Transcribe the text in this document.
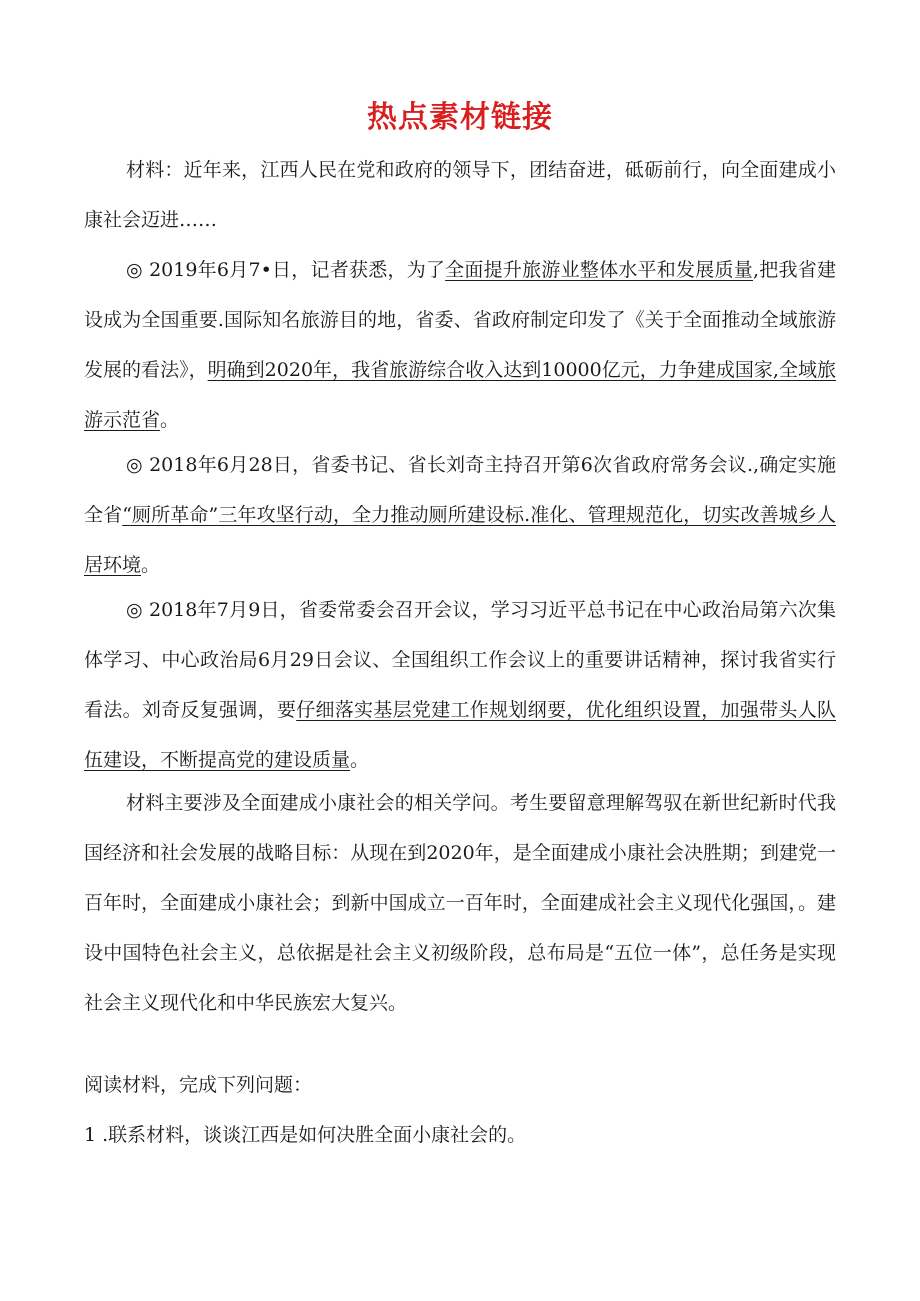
热点素材链接

材料：近年来，江西人民在党和政府的领导下，团结奋进，砥砺前行，向全面建成小康社会迈进……

◎ 2019年6月7•日，记者获悉，为了全面提升旅游业整体水平和发展质量,把我省建设成为全国重要.国际知名旅游目的地，省委、省政府制定印发了《关于全面推动全域旅游发展的看法》，明确到2020年，我省旅游综合收入达到10000亿元，力争建成国家,全域旅游示范省。

◎ 2018年6月28日，省委书记、省长刘奇主持召开第6次省政府常务会议.,确定实施全省“厕所革命”三年攻坚行动，全力推动厕所建设标.准化、管理规范化，切实改善城乡人居环境。

◎ 2018年7月9日，省委常委会召开会议，学习习近平总书记在中心政治局第六次集体学习、中心政治局6月29日会议、全国组织工作会议上的重要讲话精神，探讨我省实行看法。刘奇反复强调，要仔细落实基层党建工作规划纲要，优化组织设置，加强带头人队伍建设，不断提高党的建设质量。

材料主要涉及全面建成小康社会的相关学问。考生要留意理解驾驭在新世纪新时代我国经济和社会发展的战略目标：从现在到2020年，是全面建成小康社会决胜期；到建党一百年时，全面建成小康社会；到新中国成立一百年时，全面建成社会主义现代化强国，。建设中国特色社会主义，总依据是社会主义初级阶段，总布局是“五位一体”，总任务是实现社会主义现代化和中华民族宏大复兴。

阅读材料，完成下列问题：

1 .联系材料，谈谈江西是如何决胜全面小康社会的。
